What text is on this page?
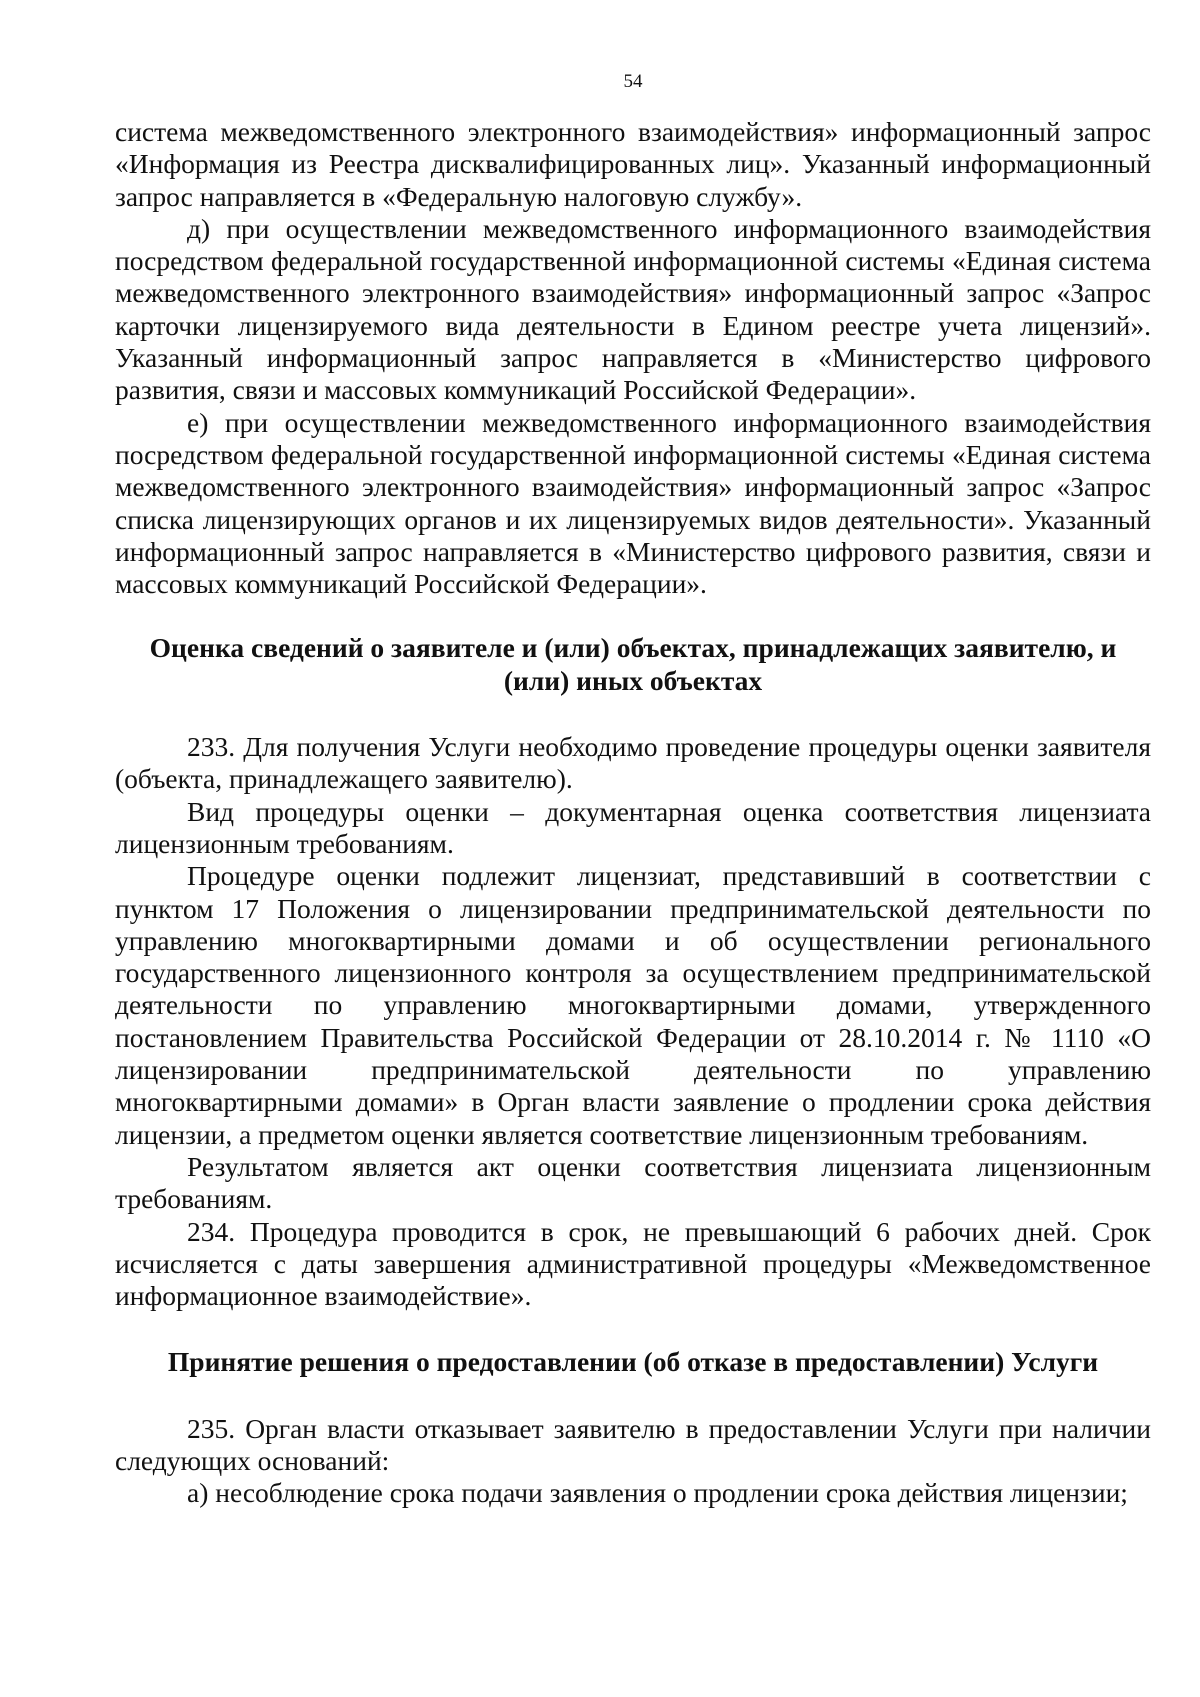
54

система межведомственного электронного взаимодействия» информационный запрос «Информация из Реестра дисквалифицированных лиц». Указанный информационный запрос направляется в «Федеральную налоговую службу».

д) при осуществлении межведомственного информационного взаимодействия посредством федеральной государственной информационной системы «Единая система межведомственного электронного взаимодействия» информационный запрос «Запрос карточки лицензируемого вида деятельности в Едином реестре учета лицензий». Указанный информационный запрос направляется в «Министерство цифрового развития, связи и массовых коммуникаций Российской Федерации».

е) при осуществлении межведомственного информационного взаимодействия посредством федеральной государственной информационной системы «Единая система межведомственного электронного взаимодействия» информационный запрос «Запрос списка лицензирующих органов и их лицензируемых видов деятельности». Указанный информационный запрос направляется в «Министерство цифрового развития, связи и массовых коммуникаций Российской Федерации».

Оценка сведений о заявителе и (или) объектах, принадлежащих заявителю, и (или) иных объектах

233. Для получения Услуги необходимо проведение процедуры оценки заявителя (объекта, принадлежащего заявителю).

Вид процедуры оценки – документарная оценка соответствия лицензиата лицензионным требованиям.

Процедуре оценки подлежит лицензиат, представивший в соответствии с пунктом 17 Положения о лицензировании предпринимательской деятельности по управлению многоквартирными домами и об осуществлении регионального государственного лицензионного контроля за осуществлением предпринимательской деятельности по управлению многоквартирными домами, утвержденного постановлением Правительства Российской Федерации от 28.10.2014 г. № 1110 «О лицензировании предпринимательской деятельности по управлению многоквартирными домами» в Орган власти заявление о продлении срока действия лицензии, а предметом оценки является соответствие лицензионным требованиям.

Результатом является акт оценки соответствия лицензиата лицензионным требованиям.

234. Процедура проводится в срок, не превышающий 6 рабочих дней. Срок исчисляется с даты завершения административной процедуры «Межведомственное информационное взаимодействие».

Принятие решения о предоставлении (об отказе в предоставлении) Услуги

235. Орган власти отказывает заявителю в предоставлении Услуги при наличии следующих оснований:

а) несоблюдение срока подачи заявления о продлении срока действия лицензии;
